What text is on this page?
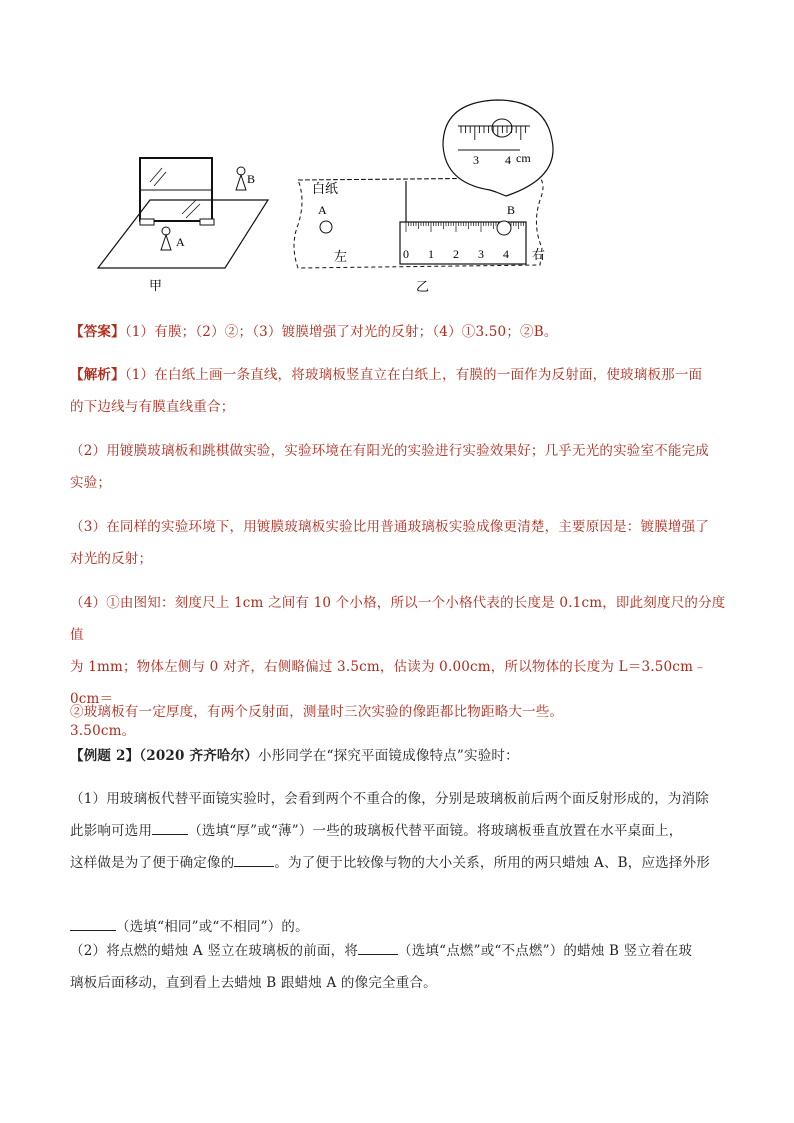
B
A
甲
白纸
A
左	0 1 2 3 4
B
右
3 4 cm
乙
【答案】（1）有膜；（2）②；（3）镀膜增强了对光的反射；（4）①3.50；②B。
【解析】（1）在白纸上画一条直线，将玻璃板竖直立在白纸上，有膜的一面作为反射面，使玻璃板那一面
的下边线与有膜直线重合；
（2）用镀膜玻璃板和跳棋做实验，实验环境在有阳光的实验进行实验效果好；几乎无光的实验室不能完成
实验；
（3）在同样的实验环境下，用镀膜玻璃板实验比用普通玻璃板实验成像更清楚，主要原因是：镀膜增强了
对光的反射；
（4）①由图知：刻度尺上 1cm 之间有 10 个小格，所以一个小格代表的长度是 0.1cm，即此刻度尺的分度值
为 1mm；物体左侧与 0 对齐，右侧略偏过 3.5cm，估读为 0.00cm，所以物体的长度为 L＝3.50cm﹣0cm＝
3.50cm。
②玻璃板有一定厚度，有两个反射面，测量时三次实验的像距都比物距略大一些。
【例题 2】（2020 齐齐哈尔）小彤同学在“探究平面镜成像特点”实验时：
（1）用玻璃板代替平面镜实验时，会看到两个不重合的像，分别是玻璃板前后两个面反射形成的，为消除
此影响可选用	（选填“厚”或“薄”）一些的玻璃板代替平面镜。将玻璃板垂直放置在水平桌面上，
这样做是为了便于确定像的	。为了便于比较像与物的大小关系，所用的两只蜡烛 A、B，应选择外形

（选填“相同”或“不相同”）的。
（2）将点燃的蜡烛 A 竖立在玻璃板的前面，将	（选填“点燃”或“不点燃”）的蜡烛 B 竖立着在玻
璃板后面移动，直到看上去蜡烛 B 跟蜡烛 A 的像完全重合。
